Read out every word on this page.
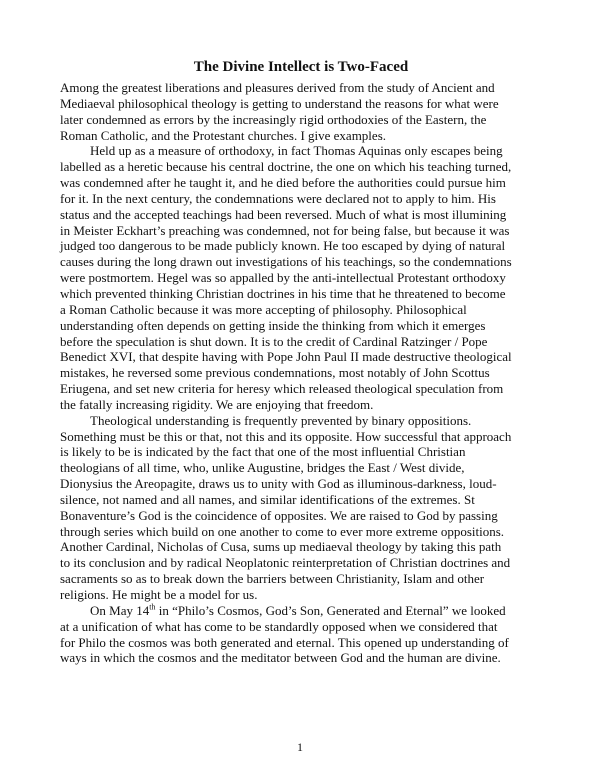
The Divine Intellect is Two-Faced

Among the greatest liberations and pleasures derived from the study of Ancient and
Mediaeval philosophical theology is getting to understand the reasons for what were
later condemned as errors by the increasingly rigid orthodoxies of the Eastern, the
Roman Catholic, and the Protestant churches. I give examples.

Held up as a measure of orthodoxy, in fact Thomas Aquinas only escapes being
labelled as a heretic because his central doctrine, the one on which his teaching turned,
was condemned after he taught it, and he died before the authorities could pursue him
for it. In the next century, the condemnations were declared not to apply to him. His
status and the accepted teachings had been reversed. Much of what is most illumining
in Meister Eckhart’s preaching was condemned, not for being false, but because it was
judged too dangerous to be made publicly known. He too escaped by dying of natural
causes during the long drawn out investigations of his teachings, so the condemnations
were postmortem. Hegel was so appalled by the anti-intellectual Protestant orthodoxy
which prevented thinking Christian doctrines in his time that he threatened to become
a Roman Catholic because it was more accepting of philosophy. Philosophical
understanding often depends on getting inside the thinking from which it emerges
before the speculation is shut down. It is to the credit of Cardinal Ratzinger / Pope
Benedict XVI, that despite having with Pope John Paul II made destructive theological
mistakes, he reversed some previous condemnations, most notably of John Scottus
Eriugena, and set new criteria for heresy which released theological speculation from
the fatally increasing rigidity. We are enjoying that freedom.

Theological understanding is frequently prevented by binary oppositions.
Something must be this or that, not this and its opposite. How successful that approach
is likely to be is indicated by the fact that one of the most influential Christian
theologians of all time, who, unlike Augustine, bridges the East / West divide,
Dionysius the Areopagite, draws us to unity with God as illuminous-darkness, loud-
silence, not named and all names, and similar identifications of the extremes. St
Bonaventure’s God is the coincidence of opposites. We are raised to God by passing
through series which build on one another to come to ever more extreme oppositions.
Another Cardinal, Nicholas of Cusa, sums up mediaeval theology by taking this path
to its conclusion and by radical Neoplatonic reinterpretation of Christian doctrines and
sacraments so as to break down the barriers between Christianity, Islam and other
religions. He might be a model for us.

On May 14th in “Philo’s Cosmos, God’s Son, Generated and Eternal” we looked
at a unification of what has come to be standardly opposed when we considered that
for Philo the cosmos was both generated and eternal. This opened up understanding of
ways in which the cosmos and the meditator between God and the human are divine.

1
